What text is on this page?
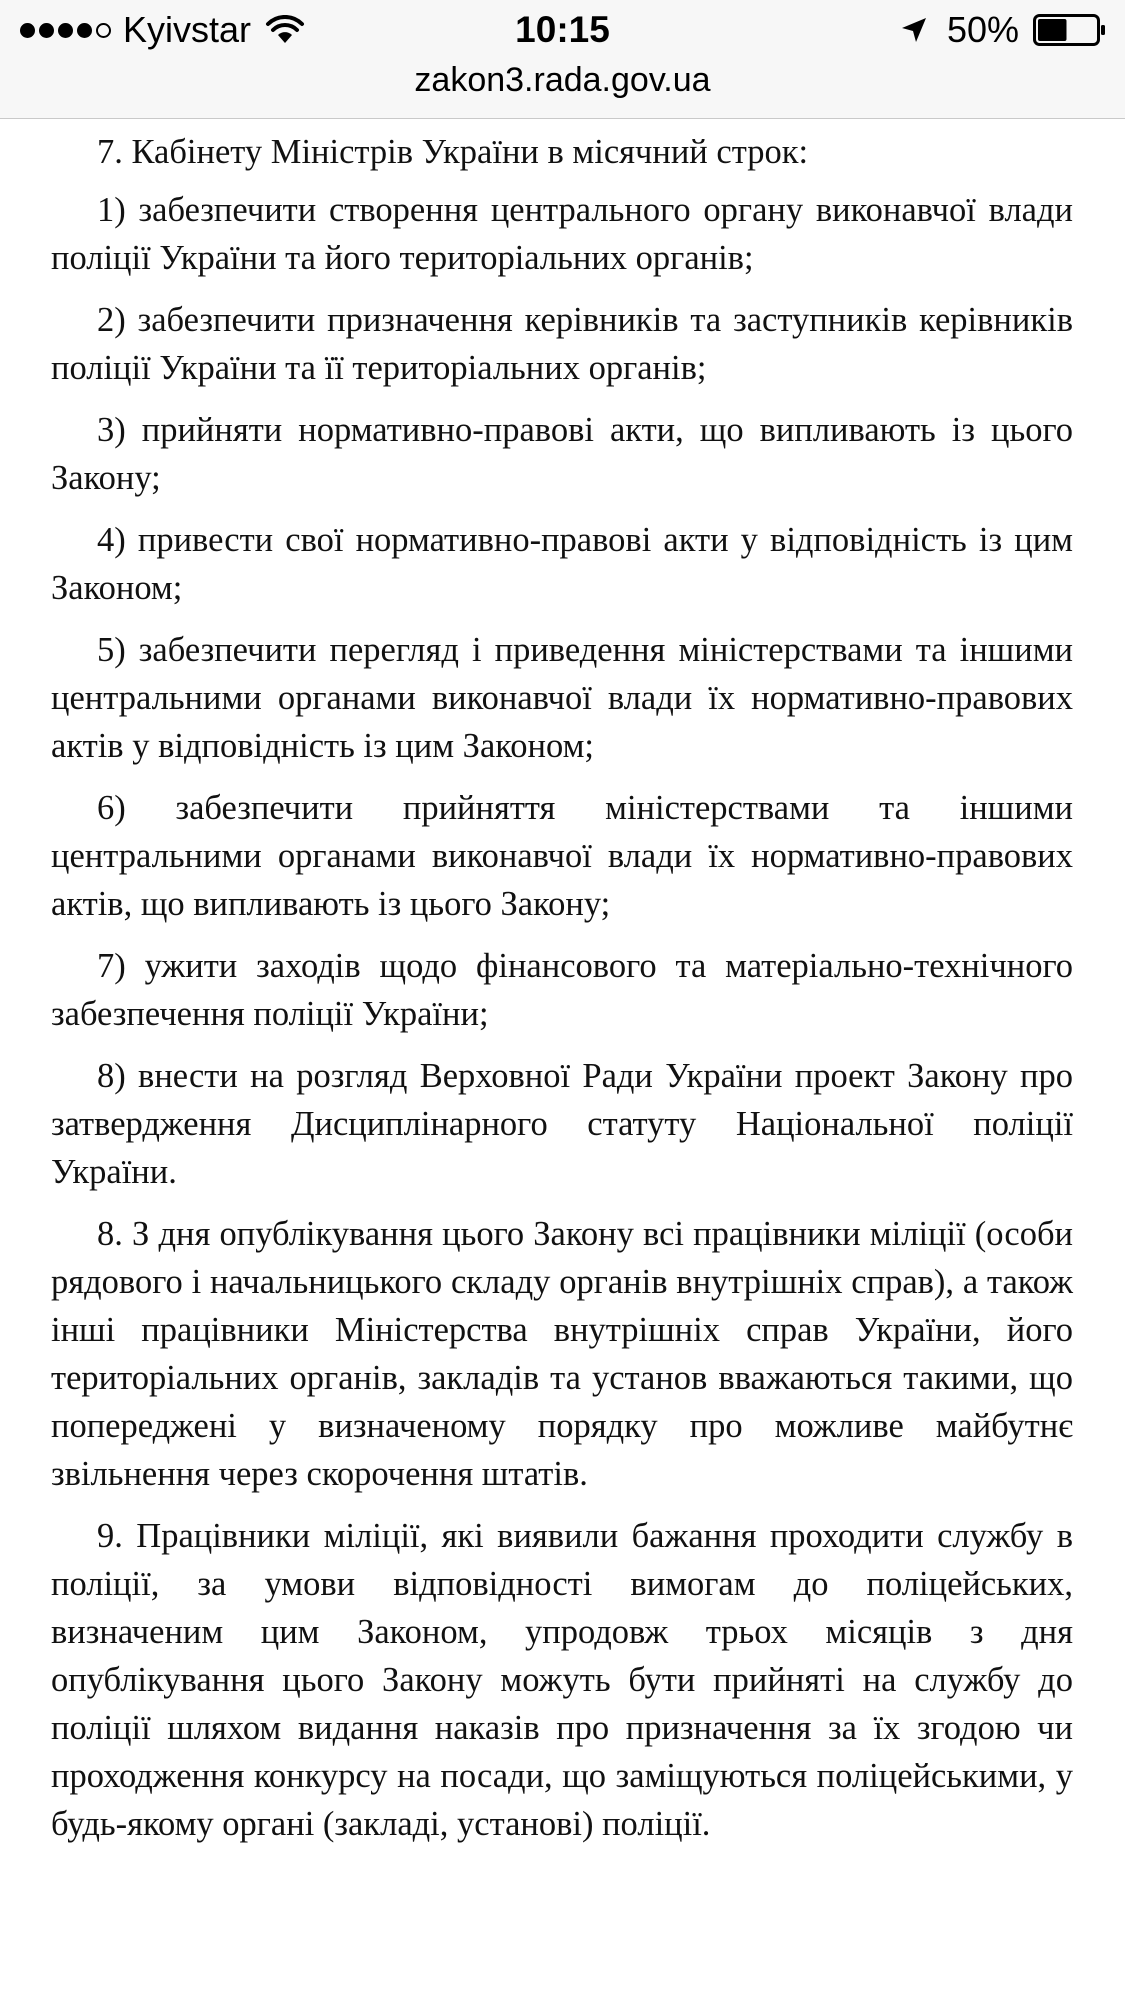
Kyivstar	10:15	50%
zakon3.rada.gov.ua

7. Кабінету Міністрів України в місячний строк:

1) забезпечити створення центрального органу виконавчої влади поліції України та його територіальних органів;

2) забезпечити призначення керівників та заступників керівників поліції України та її територіальних органів;

3) прийняти нормативно-правові акти, що випливають із цього Закону;

4) привести свої нормативно-правові акти у відповідність із цим Законом;

5) забезпечити перегляд і приведення міністерствами та іншими центральними органами виконавчої влади їх нормативно-правових актів у відповідність із цим Законом;

6) забезпечити прийняття міністерствами та іншими центральними органами виконавчої влади їх нормативно-правових актів, що випливають із цього Закону;

7) ужити заходів щодо фінансового та матеріально-технічного забезпечення поліції України;

8) внести на розгляд Верховної Ради України проект Закону про затвердження Дисциплінарного статуту Національної поліції України.

8. З дня опублікування цього Закону всі працівники міліції (особи рядового і начальницького складу органів внутрішніх справ), а також інші працівники Міністерства внутрішніх справ України, його територіальних органів, закладів та установ вважаються такими, що попереджені у визначеному порядку про можливе майбутнє звільнення через скорочення штатів.

9. Працівники міліції, які виявили бажання проходити службу в поліції, за умови відповідності вимогам до поліцейських, визначеним цим Законом, упродовж трьох місяців з дня опублікування цього Закону можуть бути прийняті на службу до поліції шляхом видання наказів про призначення за їх згодою чи проходження конкурсу на посади, що заміщуються поліцейськими, у будь-якому органі (закладі, установі) поліції.
